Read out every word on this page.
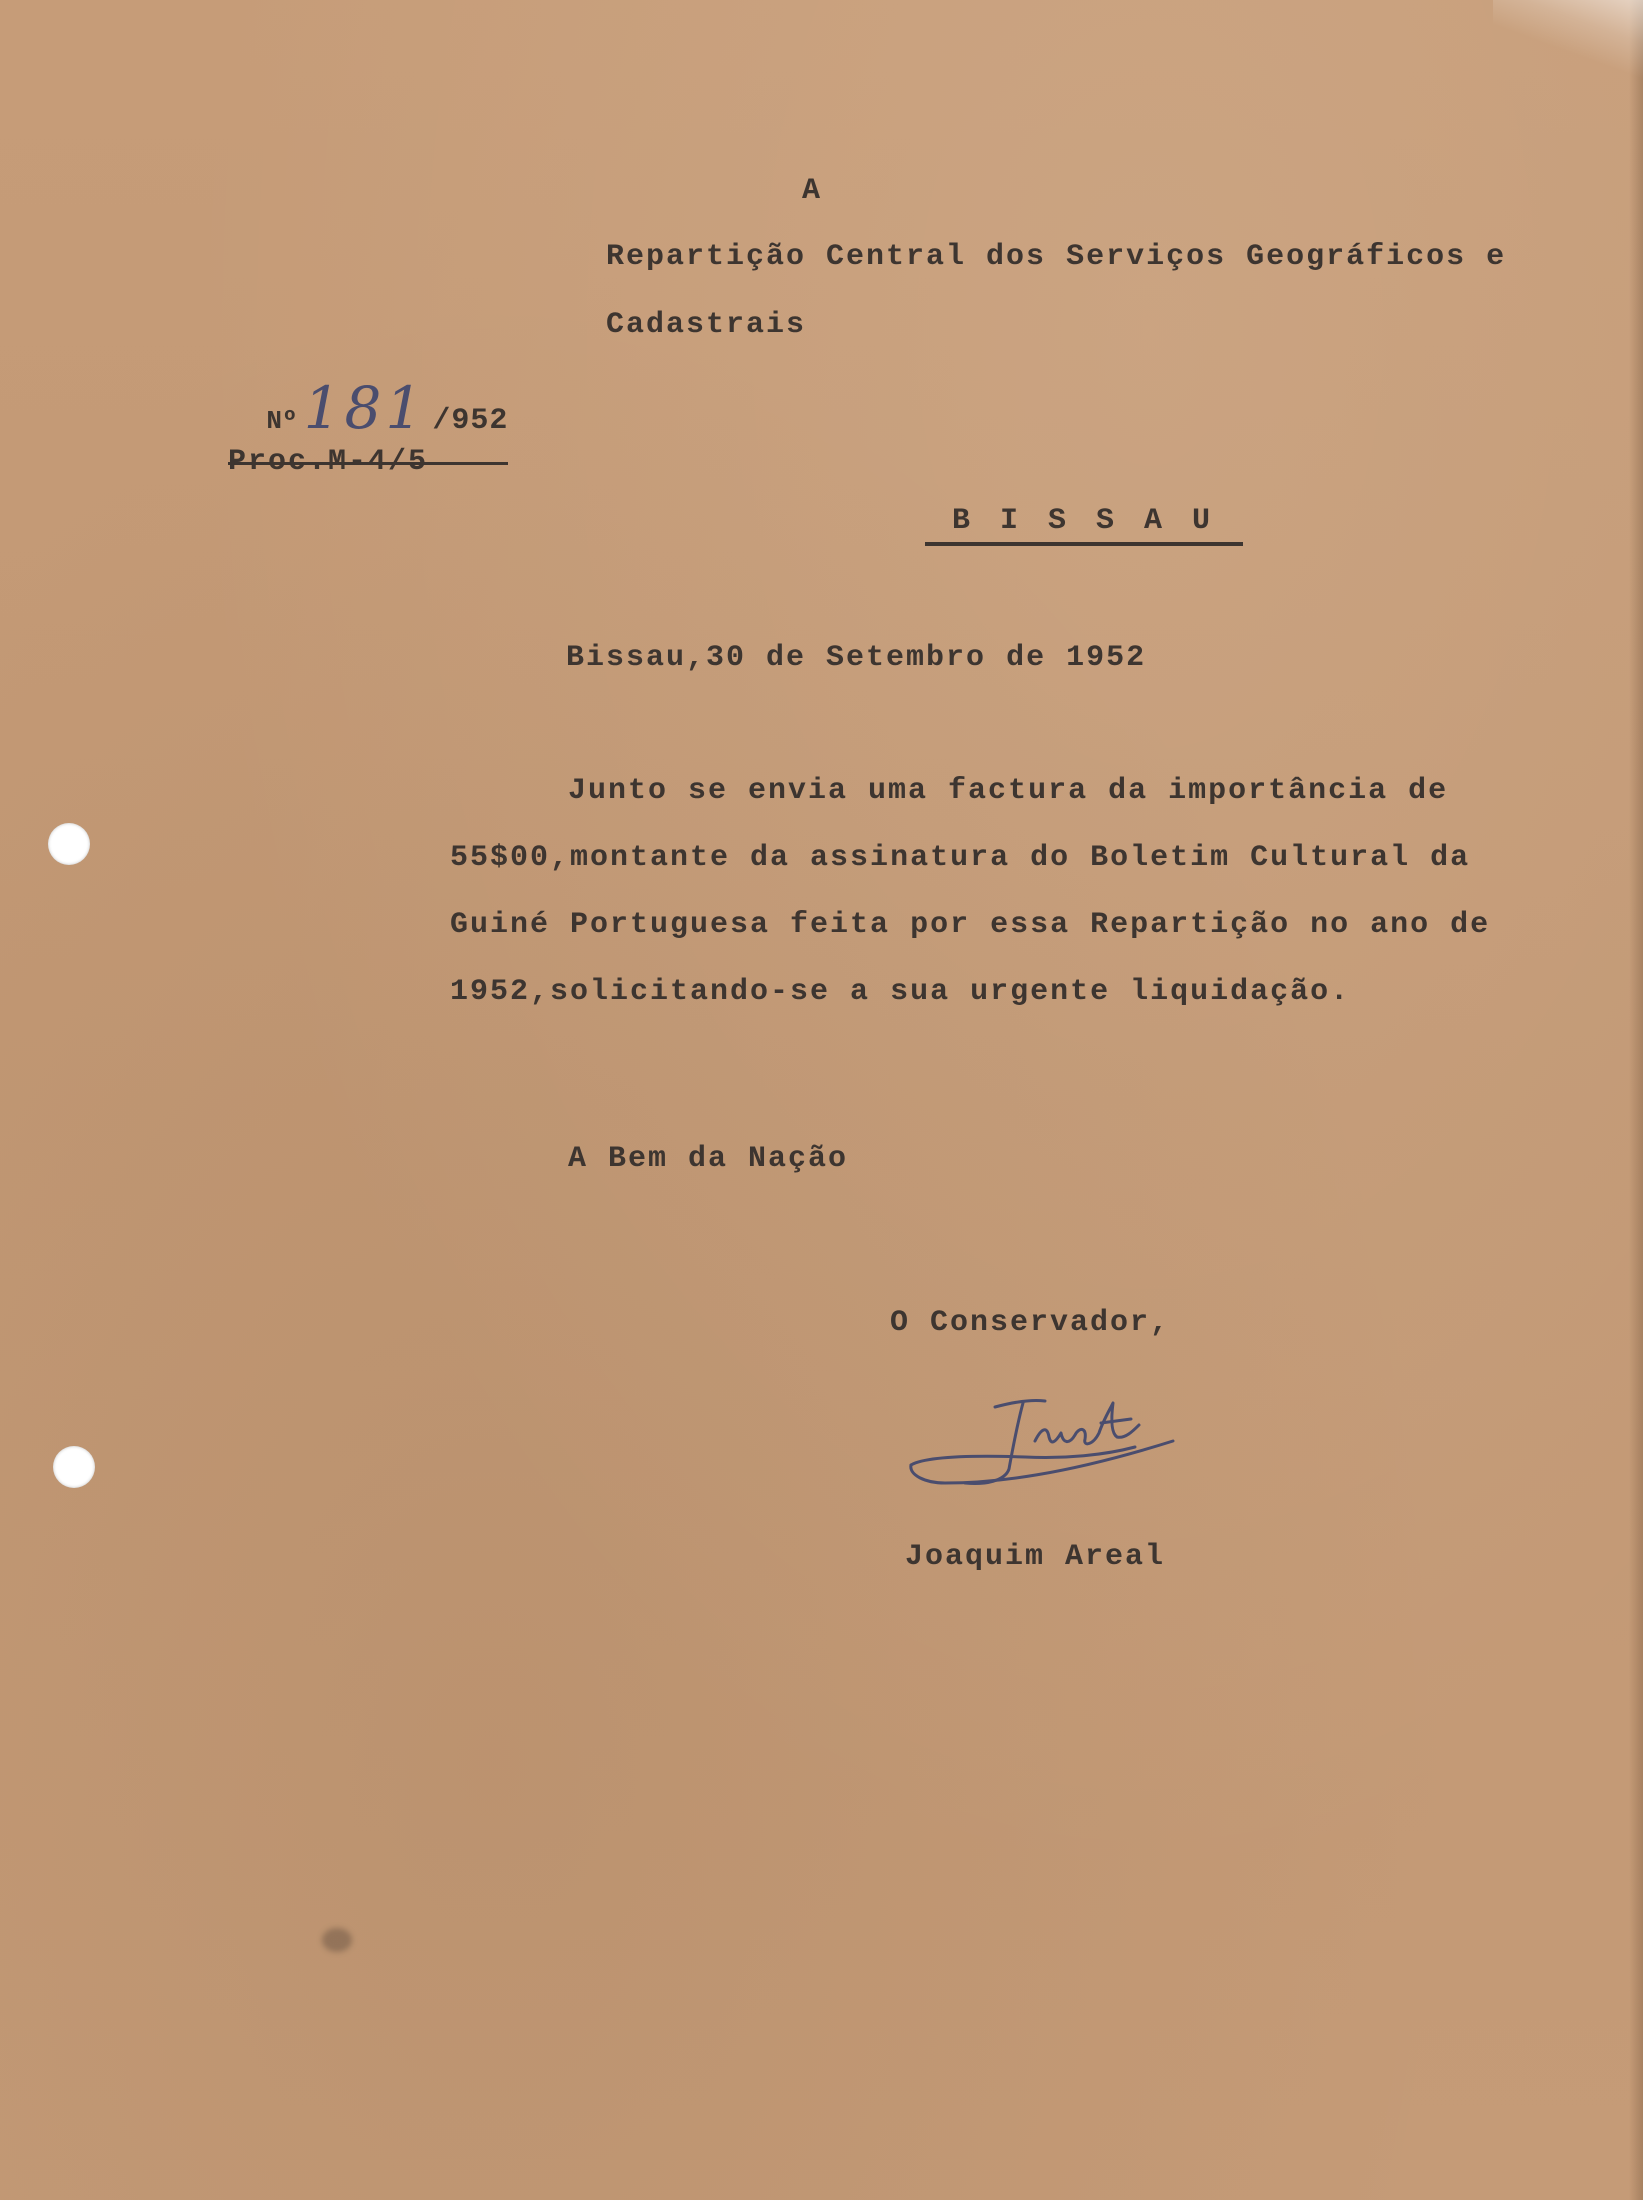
A
Repartição Central dos Serviços Geográficos e
Cadastrais

Nº 181 /952

Proc.M-4/5
B I S S A U
Bissau,30 de Setembro de 1952
Junto se envia uma factura da importância de
55$00,montante da assinatura do Boletim Cultural da
Guiné Portuguesa feita por essa Repartição no ano de
1952,solicitando-se a sua urgente liquidação.
A Bem da Nação
O Conservador,
Joaquim Areal
